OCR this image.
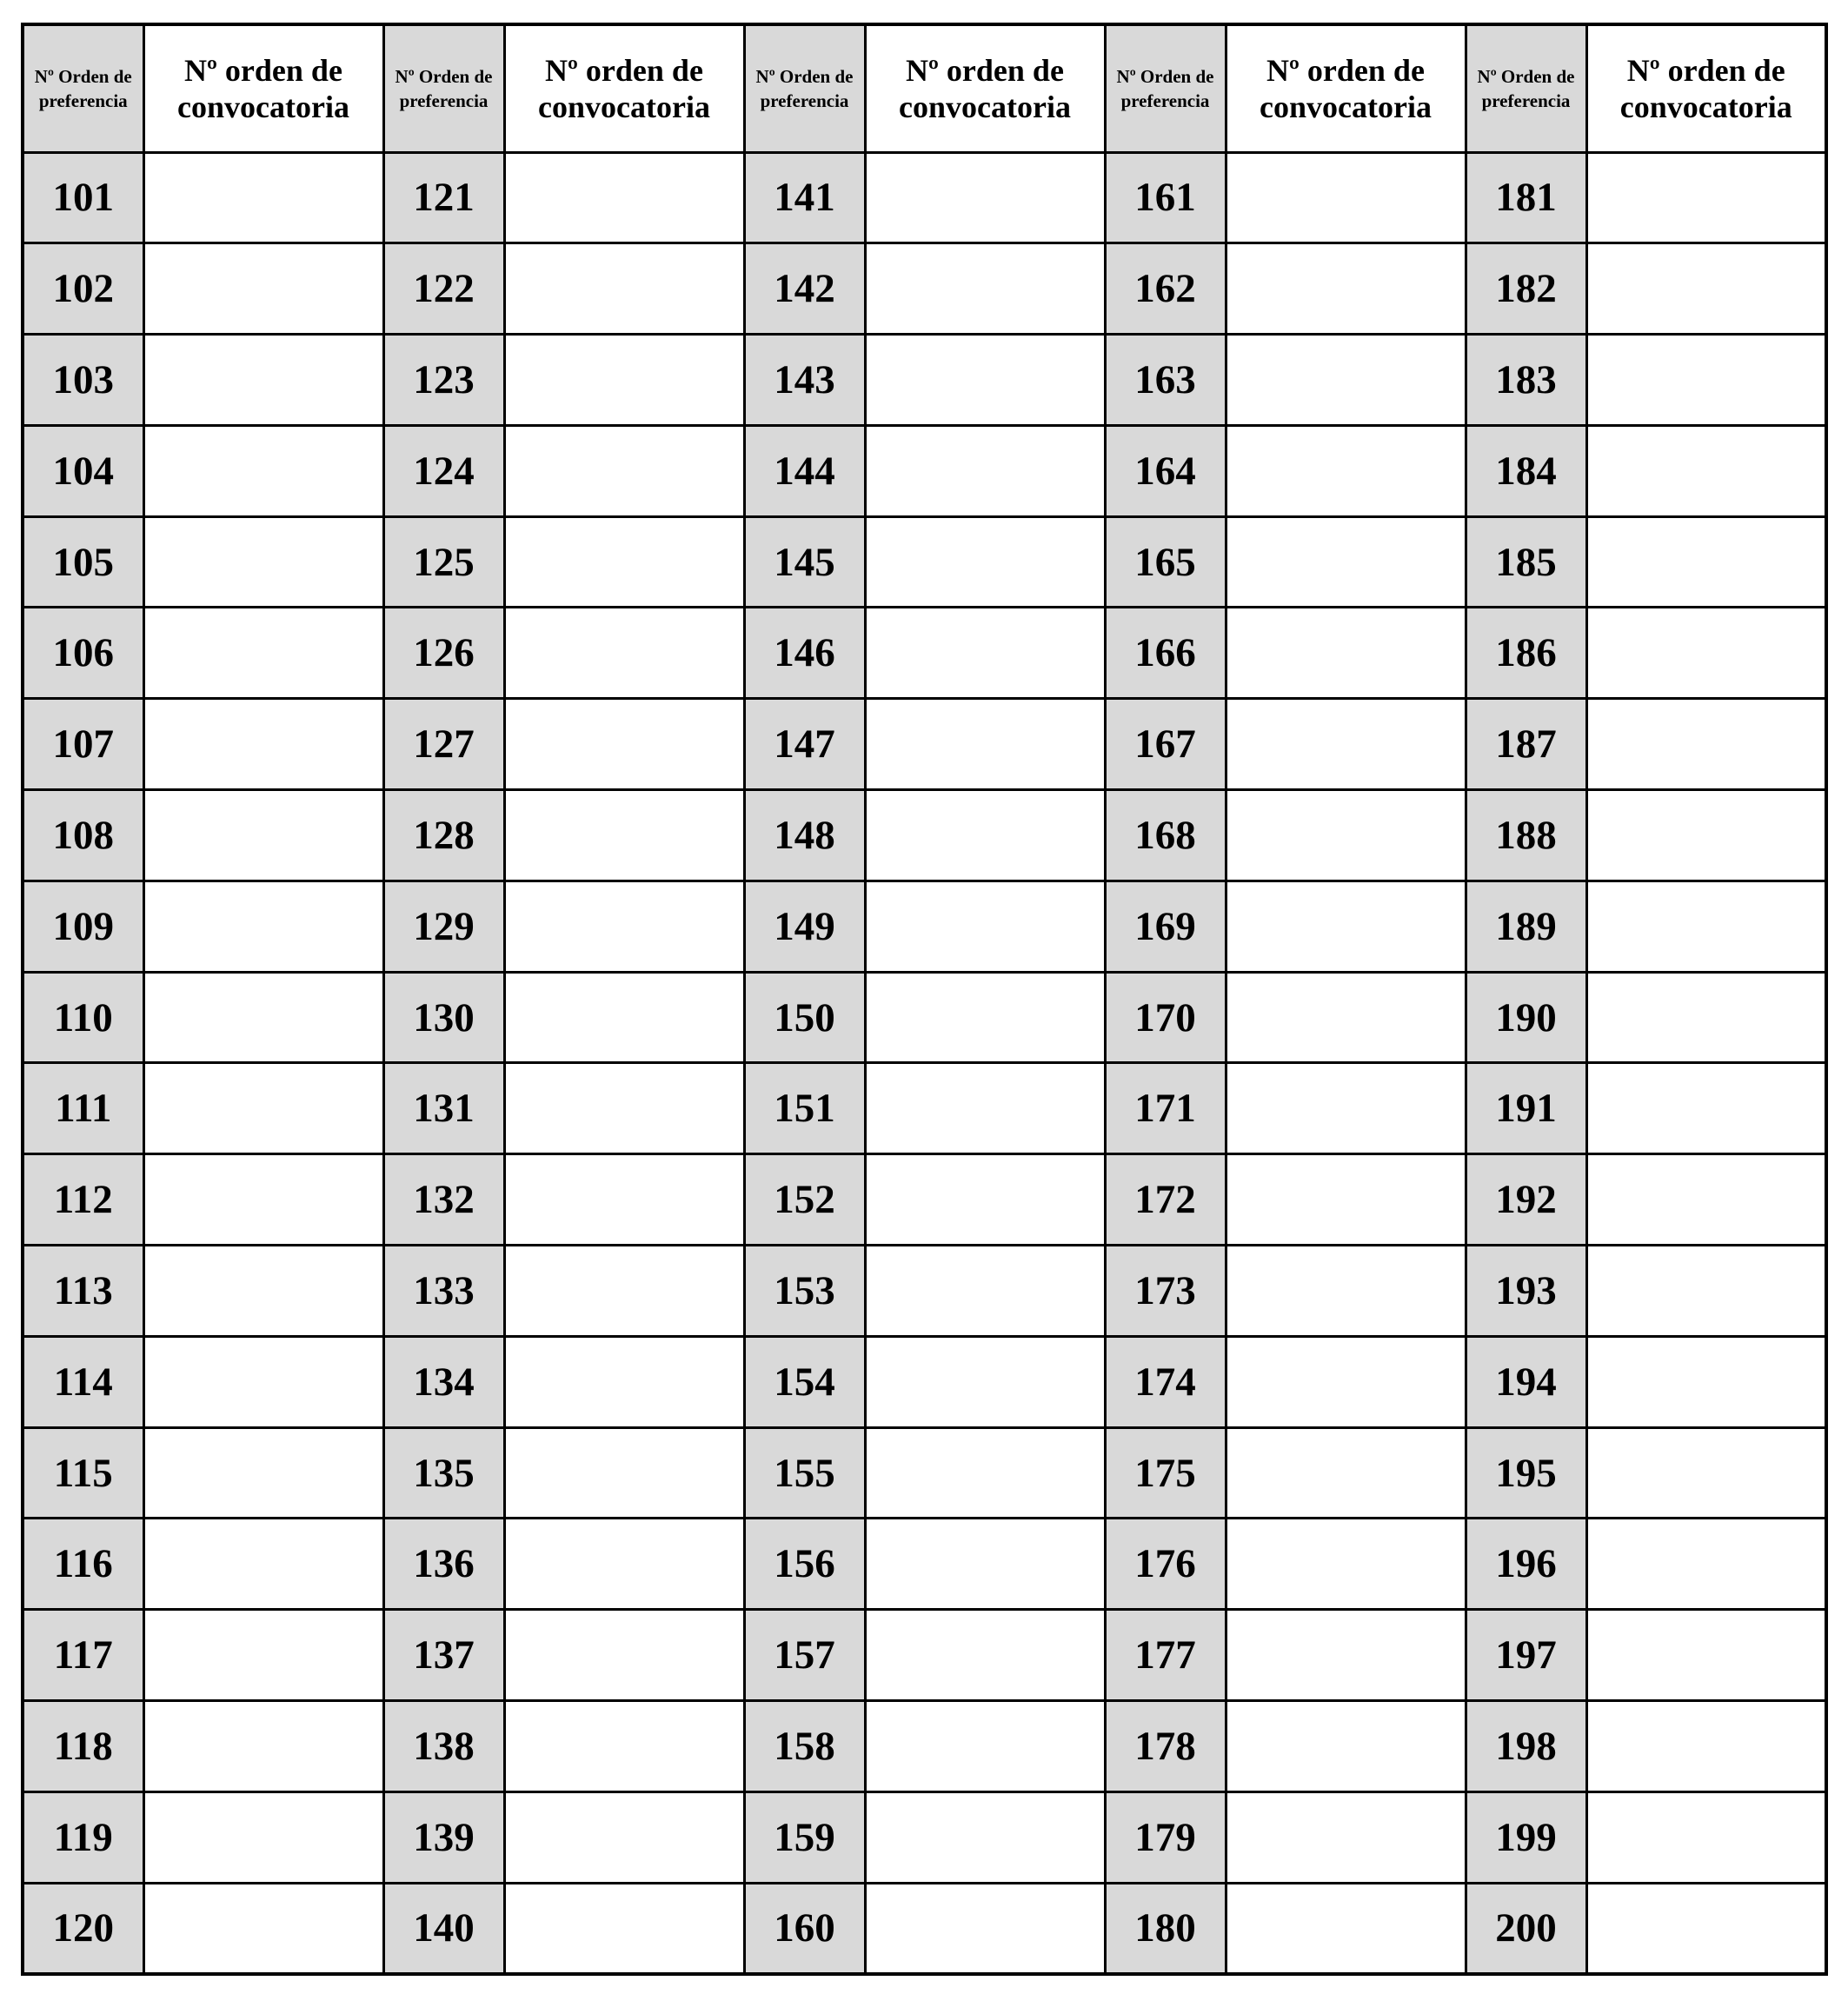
Nº Orden de preferencia	Nº orden de convocatoria	Nº Orden de preferencia	Nº orden de convocatoria	Nº Orden de preferencia	Nº orden de convocatoria	Nº Orden de preferencia	Nº orden de convocatoria	Nº Orden de preferencia	Nº orden de convocatoria
101		121		141		161		181	
102		122		142		162		182	
103		123		143		163		183	
104		124		144		164		184	
105		125		145		165		185	
106		126		146		166		186	
107		127		147		167		187	
108		128		148		168		188	
109		129		149		169		189	
110		130		150		170		190	
111		131		151		171		191	
112		132		152		172		192	
113		133		153		173		193	
114		134		154		174		194	
115		135		155		175		195	
116		136		156		176		196	
117		137		157		177		197	
118		138		158		178		198	
119		139		159		179		199	
120		140		160		180		200	
